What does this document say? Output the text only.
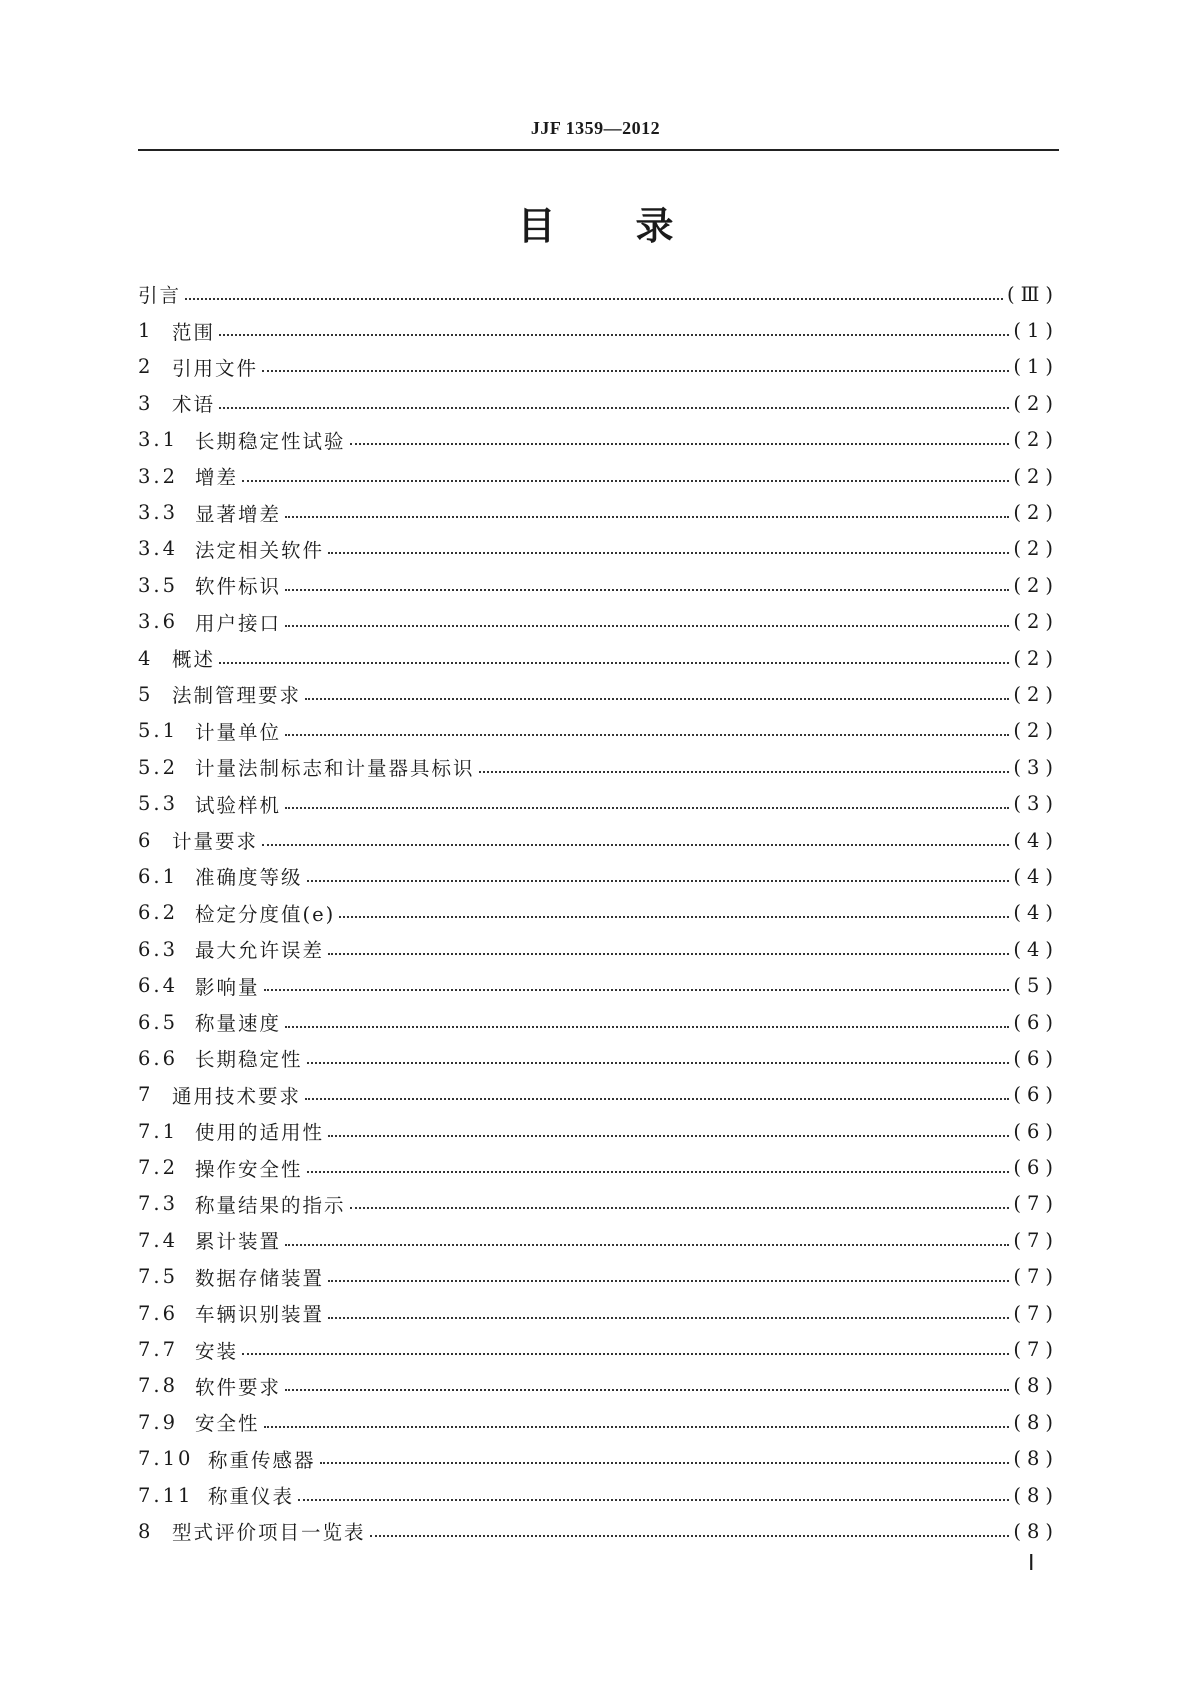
JJF 1359—2012
目录
引言	(Ⅲ)
1 范围	(1)
2 引用文件	(1)
3 术语	(2)
3.1 长期稳定性试验	(2)
3.2 增差	(2)
3.3 显著增差	(2)
3.4 法定相关软件	(2)
3.5 软件标识	(2)
3.6 用户接口	(2)
4 概述	(2)
5 法制管理要求	(2)
5.1 计量单位	(2)
5.2 计量法制标志和计量器具标识	(3)
5.3 试验样机	(3)
6 计量要求	(4)
6.1 准确度等级	(4)
6.2 检定分度值(e)	(4)
6.3 最大允许误差	(4)
6.4 影响量	(5)
6.5 称量速度	(6)
6.6 长期稳定性	(6)
7 通用技术要求	(6)
7.1 使用的适用性	(6)
7.2 操作安全性	(6)
7.3 称量结果的指示	(7)
7.4 累计装置	(7)
7.5 数据存储装置	(7)
7.6 车辆识别装置	(7)
7.7 安装	(7)
7.8 软件要求	(8)
7.9 安全性	(8)
7.10 称重传感器	(8)
7.11 称重仪表	(8)
8 型式评价项目一览表	(8)
Ⅰ
